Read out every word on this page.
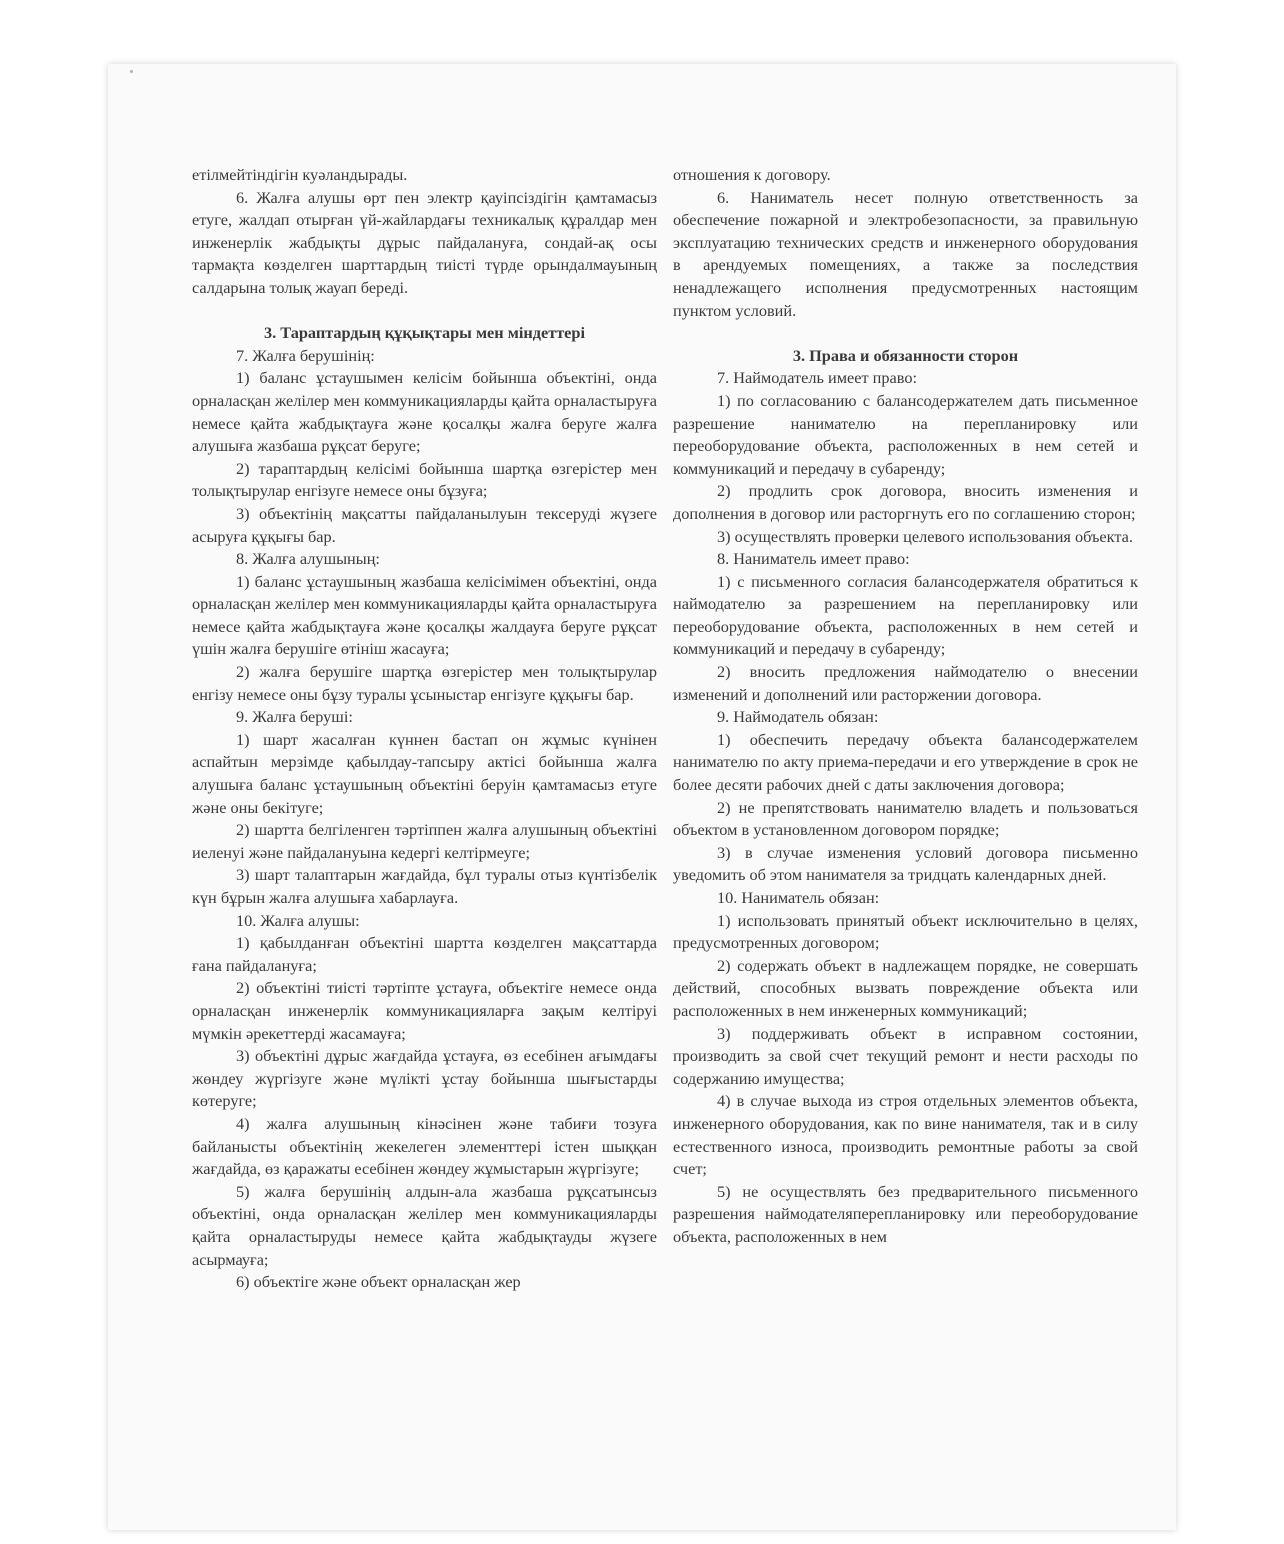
етілмейтіндігін куәландырады.

6. Жалға алушы өрт пен электр қауіпсіздігін қамтамасыз етуге, жалдап отырған үй-жайлардағы техникалық құралдар мен инженерлік жабдықты дұрыс пайдалануға, сондай-ақ осы тармақта көзделген шарттардың тиісті түрде орындалмауының салдарына толық жауап береді.

3. Тараптардың құқықтары мен міндеттері

7. Жалға берушінің:

1) баланс ұстаушымен келісім бойынша объектіні, онда орналасқан желілер мен коммуникацияларды қайта орналастыруға немесе қайта жабдықтауға және қосалқы жалға беруге жалға алушыға жазбаша рұқсат беруге;

2) тараптардың келісімі бойынша шартқа өзгерістер мен толықтырулар енгізуге немесе оны бұзуға;

3) объектінің мақсатты пайдаланылуын тексеруді жүзеге асыруға құқығы бар.

8. Жалға алушының:

1) баланс ұстаушының жазбаша келісімімен объектіні, онда орналасқан желілер мен коммуникацияларды қайта орналастыруға немесе қайта жабдықтауға және қосалқы жалдауға беруге рұқсат үшін жалға берушіге өтініш жасауға;

2) жалға берушіге шартқа өзгерістер мен толықтырулар енгізу немесе оны бұзу туралы ұсыныстар енгізуге құқығы бар.

9. Жалға беруші:

1) шарт жасалған күннен бастап он жұмыс күнінен аспайтын мерзімде қабылдау-тапсыру актісі бойынша жалға алушыға баланс ұстаушының объектіні беруін қамтамасыз етуге және оны бекітуге;

2) шартта белгіленген тәртіппен жалға алушының объектіні иеленуі және пайдалануына кедергі келтірмеуге;

3) шарт талаптарын жағдайда, бұл туралы отыз күнтізбелік күн бұрын жалға алушыға хабарлауға.

10. Жалға алушы:

1) қабылданған объектіні шартта көзделген мақсаттарда ғана пайдалануға;

2) объектіні тиісті тәртіпте ұстауға, объектіге немесе онда орналасқан инженерлік коммуникацияларға зақым келтіруі мүмкін әрекеттерді жасамауға;

3) объектіні дұрыс жағдайда ұстауға, өз есебінен ағымдағы жөндеу жүргізуге және мүлікті ұстау бойынша шығыстарды көтеруге;

4) жалға алушының кінәсінен және табиғи тозуға байланысты объектінің жекелеген элементтері істен шыққан жағдайда, өз қаражаты есебінен жөндеу жұмыстарын жүргізуге;

5) жалға берушінің алдын-ала жазбаша рұқсатынсыз объектіні, онда орналасқан желілер мен коммуникацияларды қайта орналастыруды немесе қайта жабдықтауды жүзеге асырмауға;

6) объектіге және объект орналасқан жер

отношения к договору.

6. Наниматель несет полную ответственность за обеспечение пожарной и электробезопасности, за правильную эксплуатацию технических средств и инженерного оборудования в арендуемых помещениях, а также за последствия ненадлежащего исполнения предусмотренных настоящим пунктом условий.

3. Права и обязанности сторон

7. Наймодатель имеет право:

1) по согласованию с балансодержателем дать письменное разрешение нанимателю на перепланировку или переоборудование объекта, расположенных в нем сетей и коммуникаций и передачу в субаренду;

2) продлить срок договора, вносить изменения и дополнения в договор или расторгнуть его по соглашению сторон;

3) осуществлять проверки целевого использования объекта.

8. Наниматель имеет право:

1) с письменного согласия балансодержателя обратиться к наймодателю за разрешением на перепланировку или переоборудование объекта, расположенных в нем сетей и коммуникаций и передачу в субаренду;

2) вносить предложения наймодателю о внесении изменений и дополнений или расторжении договора.

9. Наймодатель обязан:

1) обеспечить передачу объекта балансодержателем нанимателю по акту приема-передачи и его утверждение в срок не более десяти рабочих дней с даты заключения договора;

2) не препятствовать нанимателю владеть и пользоваться объектом в установленном договором порядке;

3) в случае изменения условий договора письменно уведомить об этом нанимателя за тридцать календарных дней.

10. Наниматель обязан:

1) использовать принятый объект исключительно в целях, предусмотренных договором;

2) содержать объект в надлежащем порядке, не совершать действий, способных вызвать повреждение объекта или расположенных в нем инженерных коммуникаций;

3) поддерживать объект в исправном состоянии, производить за свой счет текущий ремонт и нести расходы по содержанию имущества;

4) в случае выхода из строя отдельных элементов объекта, инженерного оборудования, как по вине нанимателя, так и в силу естественного износа, производить ремонтные работы за свой счет;

5) не осуществлять без предварительного письменного разрешения наймодателяперепланировку или переоборудование объекта, расположенных в нем
